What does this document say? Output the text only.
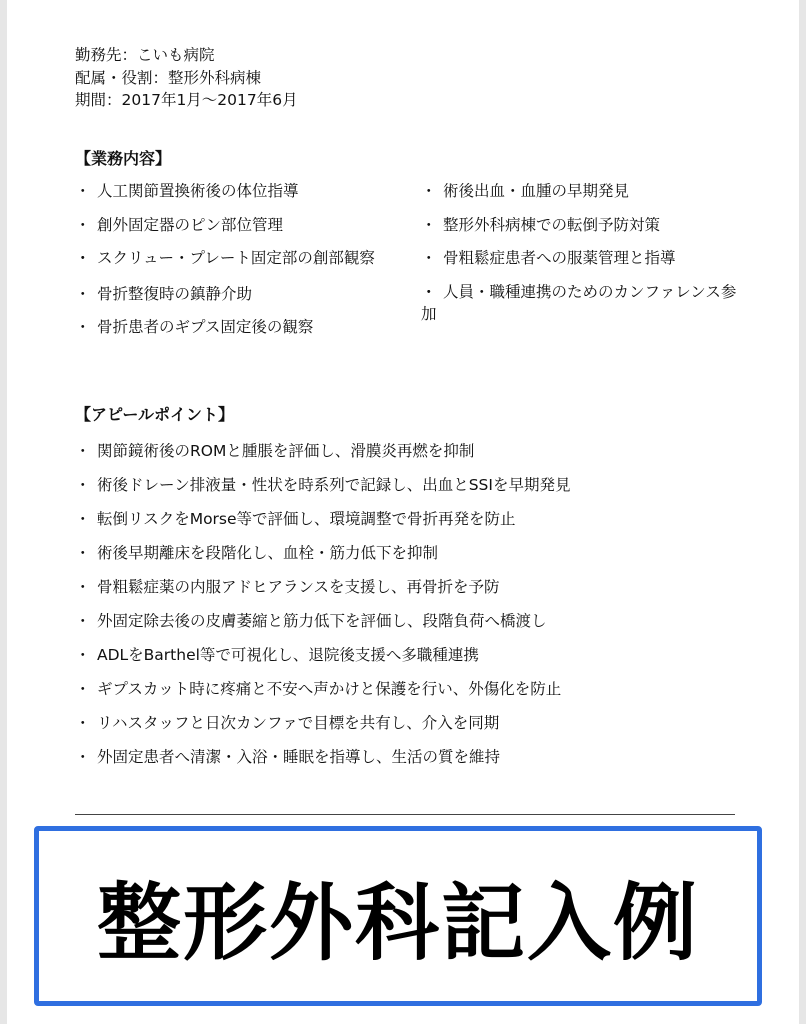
勤務先：こいも病院
配属・役割：整形外科病棟
期間：2017年1月～2017年6月
【業務内容】
・ 人工関節置換術後の体位指導
・ 創外固定器のピン部位管理
・ ・ スクリュー・プレート固定部の創部観察
・ 骨折整復時の鎮静介助
・ 骨折患者のギプス固定後の観察
・ 術後出血・血腫の早期発見
・ 整形外科病棟での転倒予防対策
・ 骨粗鬆症患者への服薬管理と指導
・ ・ 人員・職種連携のためのカンファレンス参加
【アピールポイント】
・ 関節鏡術後のROMと腫脹を評価し、滑膜炎再燃を抑制
・ 術後ドレーン排液量・性状を時系列で記録し、出血とSSIを早期発見
・ 転倒リスクをMorse等で評価し、環境調整で骨折再発を防止
・ 術後早期離床を段階化し、血栓・筋力低下を抑制
・ 骨粗鬆症薬の内服アドヒアランスを支援し、再骨折を予防
・ 外固定除去後の皮膚萎縮と筋力低下を評価し、段階負荷へ橋渡し
・ ADLをBarthel等で可視化し、退院後支援へ多職種連携
・ ギプスカット時に疼痛と不安へ声かけと保護を行い、外傷化を防止
・ リハスタッフと日次カンファで目標を共有し、介入を同期
・ 外固定患者へ清潔・入浴・睡眠を指導し、生活の質を維持
整形外科記入例
